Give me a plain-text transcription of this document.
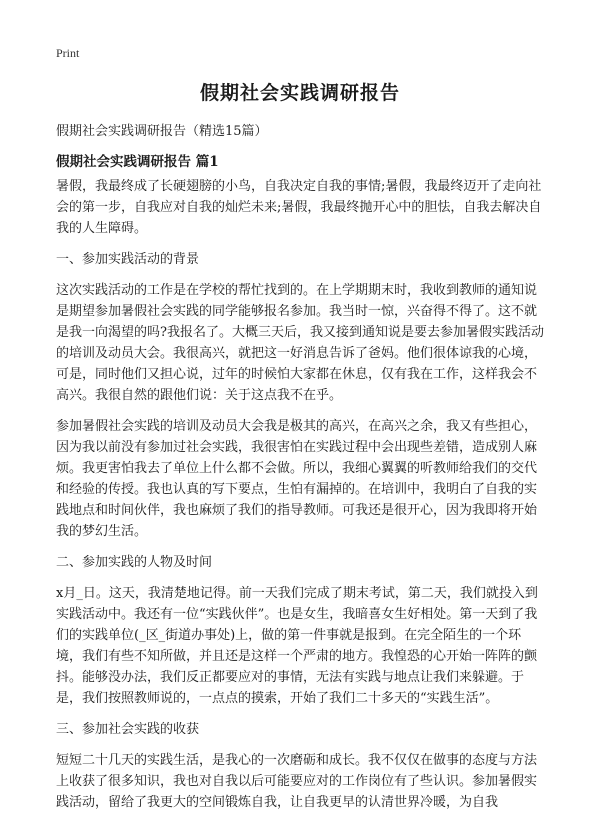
Print
假期社会实践调研报告
假期社会实践调研报告（精选15篇）
假期社会实践调研报告 篇1

暑假，我最终成了长硬翅膀的小鸟，自我决定自我的事情;暑假，我最终迈开了走向社会的第一步，自我应对自我的灿烂未来;暑假，我最终抛开心中的胆怯，自我去解决自我的人生障碍。

一、参加实践活动的背景

这次实践活动的工作是在学校的帮忙找到的。在上学期期末时，我收到教师的通知说是期望参加暑假社会实践的同学能够报名参加。我当时一惊，兴奋得不得了。这不就是我一向渴望的吗?我报名了。大概三天后，我又接到通知说是要去参加暑假实践活动的培训及动员大会。我很高兴，就把这一好消息告诉了爸妈。他们很体谅我的心境，可是，同时他们又担心说，过年的时候怕大家都在休息，仅有我在工作，这样我会不高兴。我很自然的跟他们说：关于这点我不在乎。

参加暑假社会实践的培训及动员大会我是极其的高兴，在高兴之余，我又有些担心，因为我以前没有参加过社会实践，我很害怕在实践过程中会出现些差错，造成别人麻烦。我更害怕我去了单位上什么都不会做。所以，我细心翼翼的听教师给我们的交代和经验的传授。我也认真的写下要点，生怕有漏掉的。在培训中，我明白了自我的实践地点和时间伙伴，我也麻烦了我们的指导教师。可我还是很开心，因为我即将开始我的梦幻生活。

二、参加实践的人物及时间

x月_日。这天，我清楚地记得。前一天我们完成了期末考试，第二天，我们就投入到实践活动中。我还有一位“实践伙伴”。也是女生，我暗喜女生好相处。第一天到了我们的实践单位(_区_街道办事处)上，做的第一件事就是报到。在完全陌生的一个环境，我们有些不知所做，并且还是这样一个严肃的地方。我惶恐的心开始一阵阵的颤抖。能够没办法，我们反正都要应对的事情，无法有实践与地点让我们来躲避。于是，我们按照教师说的，一点点的摸索，开始了我们二十多天的“实践生活”。

三、参加社会实践的收获

短短二十几天的实践生活，是我心的一次磨砺和成长。我不仅仅在做事的态度与方法上收获了很多知识，我也对自我以后可能要应对的工作岗位有了些认识。参加暑假实践活动，留给了我更大的空间锻炼自我，让自我更早的认清世界冷暖，为自我
